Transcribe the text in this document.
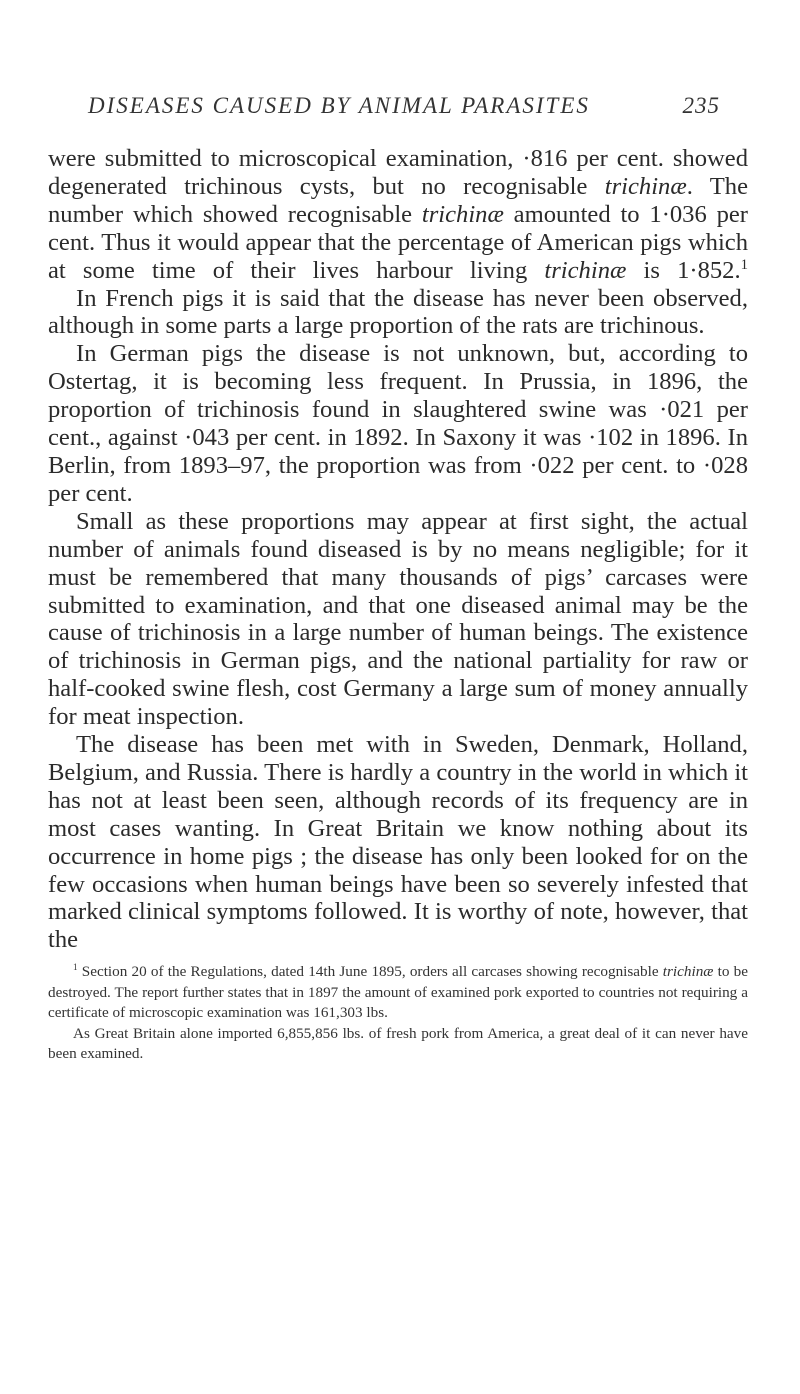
DISEASES CAUSED BY ANIMAL PARASITES	235

were submitted to microscopical examination, ·816 per cent. showed degenerated trichinous cysts, but no recognisable trichinæ. The number which showed recognisable trichinæ amounted to 1·036 per cent. Thus it would appear that the percentage of American pigs which at some time of their lives harbour living trichinæ is 1·852.$^1$

In French pigs it is said that the disease has never been observed, although in some parts a large proportion of the rats are trichinous.

In German pigs the disease is not unknown, but, according to Ostertag, it is becoming less frequent. In Prussia, in 1896, the proportion of trichinosis found in slaughtered swine was ·021 per cent., against ·043 per cent. in 1892. In Saxony it was ·102 in 1896. In Berlin, from 1893–97, the proportion was from ·022 per cent. to ·028 per cent.

Small as these proportions may appear at first sight, the actual number of animals found diseased is by no means negligible; for it must be remembered that many thousands of pigs’ carcases were submitted to examination, and that one diseased animal may be the cause of trichinosis in a large number of human beings. The existence of trichinosis in German pigs, and the national partiality for raw or half-cooked swine flesh, cost Germany a large sum of money annually for meat inspection.

The disease has been met with in Sweden, Denmark, Holland, Belgium, and Russia. There is hardly a country in the world in which it has not at least been seen, although records of its frequency are in most cases wanting. In Great Britain we know nothing about its occurrence in home pigs ; the disease has only been looked for on the few occasions when human beings have been so severely infested that marked clinical symptoms followed. It is worthy of note, however, that the

$^1$ Section 20 of the Regulations, dated 14th June 1895, orders all carcases showing recognisable trichinæ to be destroyed. The report further states that in 1897 the amount of examined pork exported to countries not requiring a certificate of microscopic examination was 161,303 lbs.

As Great Britain alone imported 6,855,856 lbs. of fresh pork from America, a great deal of it can never have been examined.
